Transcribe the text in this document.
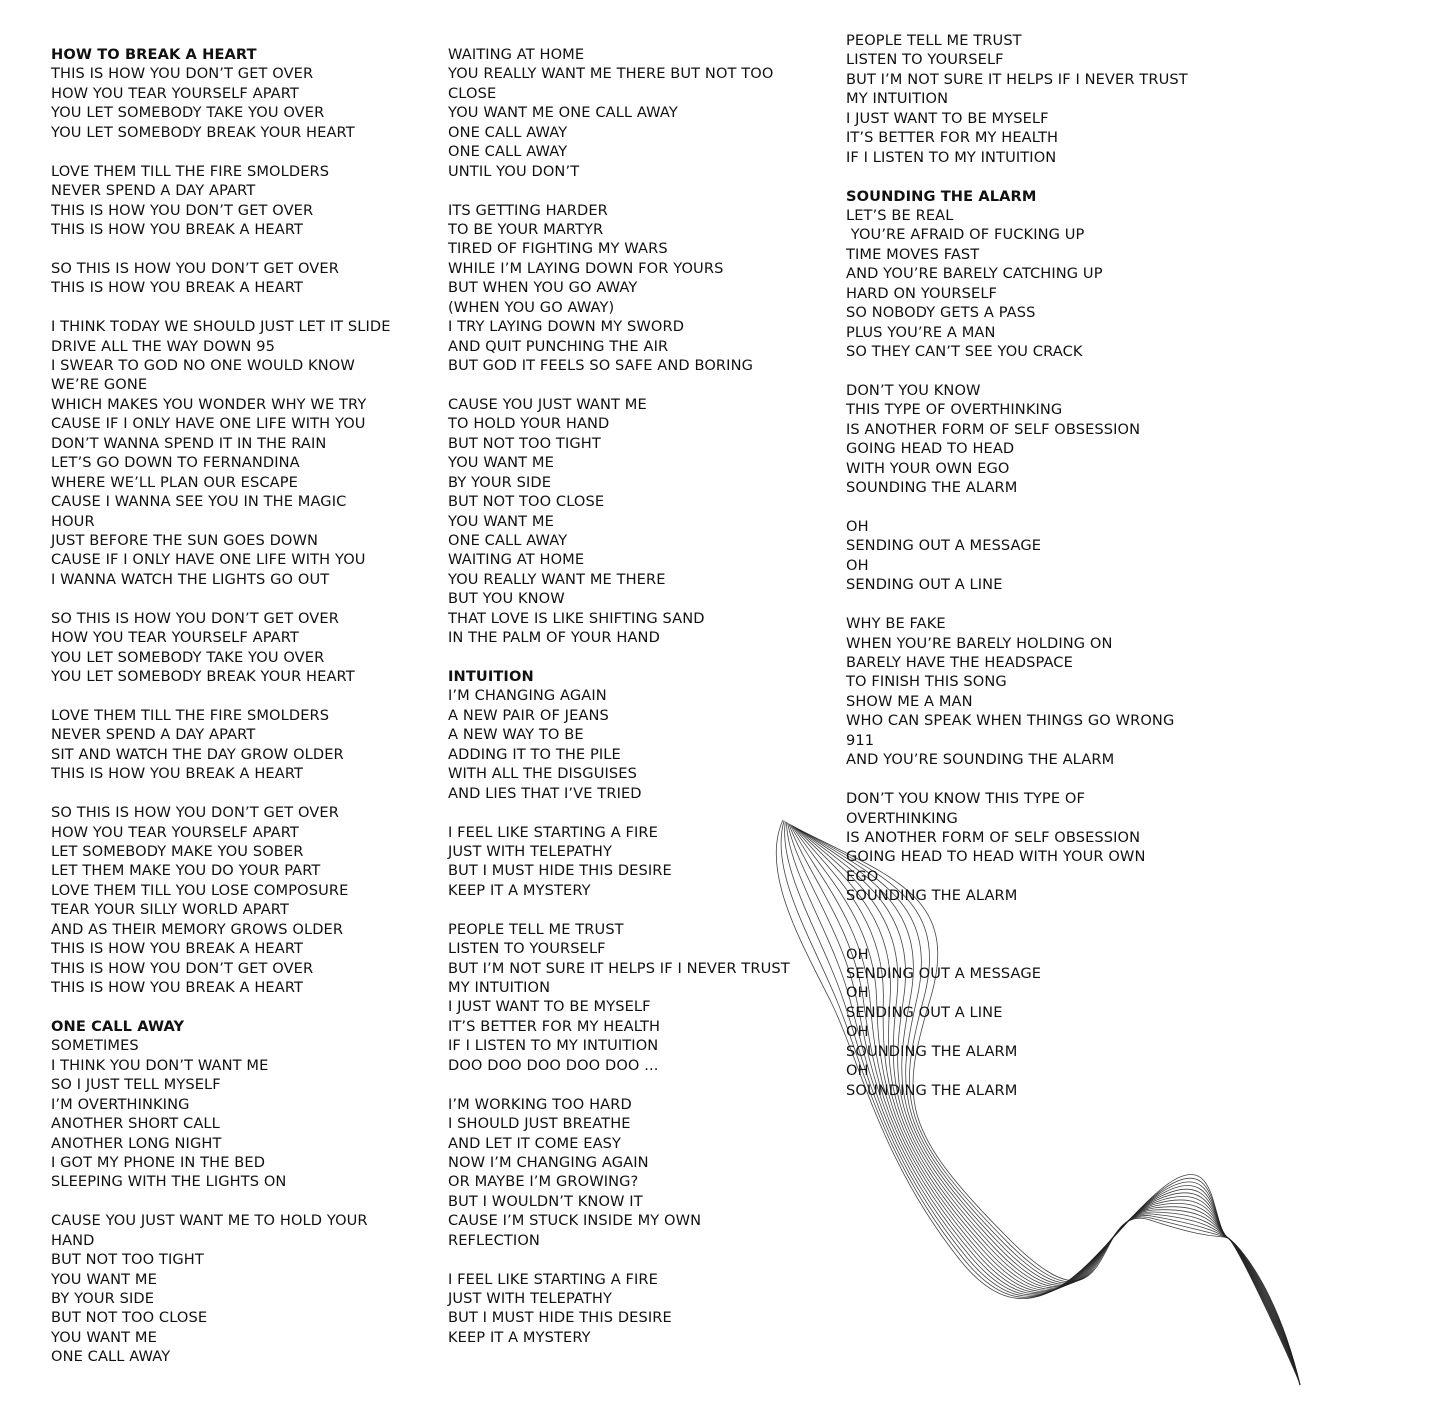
HOW TO BREAK A HEART
THIS IS HOW YOU DON’T GET OVER
HOW YOU TEAR YOURSELF APART
YOU LET SOMEBODY TAKE YOU OVER
YOU LET SOMEBODY BREAK YOUR HEART
LOVE THEM TILL THE FIRE SMOLDERS
NEVER SPEND A DAY APART
THIS IS HOW YOU DON’T GET OVER
THIS IS HOW YOU BREAK A HEART
SO THIS IS HOW YOU DON’T GET OVER
THIS IS HOW YOU BREAK A HEART
I THINK TODAY WE SHOULD JUST LET IT SLIDE
DRIVE ALL THE WAY DOWN 95
I SWEAR TO GOD NO ONE WOULD KNOW
WE’RE GONE
WHICH MAKES YOU WONDER WHY WE TRY
CAUSE IF I ONLY HAVE ONE LIFE WITH YOU
DON’T WANNA SPEND IT IN THE RAIN
LET’S GO DOWN TO FERNANDINA
WHERE WE’LL PLAN OUR ESCAPE
CAUSE I WANNA SEE YOU IN THE MAGIC
HOUR
JUST BEFORE THE SUN GOES DOWN
CAUSE IF I ONLY HAVE ONE LIFE WITH YOU
I WANNA WATCH THE LIGHTS GO OUT
SO THIS IS HOW YOU DON’T GET OVER
HOW YOU TEAR YOURSELF APART
YOU LET SOMEBODY TAKE YOU OVER
YOU LET SOMEBODY BREAK YOUR HEART
LOVE THEM TILL THE FIRE SMOLDERS
NEVER SPEND A DAY APART
SIT AND WATCH THE DAY GROW OLDER
THIS IS HOW YOU BREAK A HEART
SO THIS IS HOW YOU DON’T GET OVER
HOW YOU TEAR YOURSELF APART
LET SOMEBODY MAKE YOU SOBER
LET THEM MAKE YOU DO YOUR PART
LOVE THEM TILL YOU LOSE COMPOSURE
TEAR YOUR SILLY WORLD APART
AND AS THEIR MEMORY GROWS OLDER
THIS IS HOW YOU BREAK A HEART
THIS IS HOW YOU DON’T GET OVER
THIS IS HOW YOU BREAK A HEART
ONE CALL AWAY
SOMETIMES
I THINK YOU DON’T WANT ME
SO I JUST TELL MYSELF
I’M OVERTHINKING
ANOTHER SHORT CALL
ANOTHER LONG NIGHT
I GOT MY PHONE IN THE BED
SLEEPING WITH THE LIGHTS ON
CAUSE YOU JUST WANT ME TO HOLD YOUR
HAND
BUT NOT TOO TIGHT
YOU WANT ME
BY YOUR SIDE
BUT NOT TOO CLOSE
YOU WANT ME
ONE CALL AWAY
WAITING AT HOME
YOU REALLY WANT ME THERE BUT NOT TOO
CLOSE
YOU WANT ME ONE CALL AWAY
ONE CALL AWAY
ONE CALL AWAY
UNTIL YOU DON’T
ITS GETTING HARDER
TO BE YOUR MARTYR
TIRED OF FIGHTING MY WARS
WHILE I’M LAYING DOWN FOR YOURS
BUT WHEN YOU GO AWAY
(WHEN YOU GO AWAY)
I TRY LAYING DOWN MY SWORD
AND QUIT PUNCHING THE AIR
BUT GOD IT FEELS SO SAFE AND BORING
CAUSE YOU JUST WANT ME
TO HOLD YOUR HAND
BUT NOT TOO TIGHT
YOU WANT ME
BY YOUR SIDE
BUT NOT TOO CLOSE
YOU WANT ME
ONE CALL AWAY
WAITING AT HOME
YOU REALLY WANT ME THERE
BUT YOU KNOW
THAT LOVE IS LIKE SHIFTING SAND
IN THE PALM OF YOUR HAND
INTUITION
I’M CHANGING AGAIN
A NEW PAIR OF JEANS
A NEW WAY TO BE
ADDING IT TO THE PILE
WITH ALL THE DISGUISES
AND LIES THAT I’VE TRIED
I FEEL LIKE STARTING A FIRE
JUST WITH TELEPATHY
BUT I MUST HIDE THIS DESIRE
KEEP IT A MYSTERY
PEOPLE TELL ME TRUST
LISTEN TO YOURSELF
BUT I’M NOT SURE IT HELPS IF I NEVER TRUST
MY INTUITION
I JUST WANT TO BE MYSELF
IT’S BETTER FOR MY HEALTH
IF I LISTEN TO MY INTUITION
DOO DOO DOO DOO DOO ...
I’M WORKING TOO HARD
I SHOULD JUST BREATHE
AND LET IT COME EASY
NOW I’M CHANGING AGAIN
OR MAYBE I’M GROWING?
BUT I WOULDN’T KNOW IT
CAUSE I’M STUCK INSIDE MY OWN
REFLECTION
I FEEL LIKE STARTING A FIRE
JUST WITH TELEPATHY
BUT I MUST HIDE THIS DESIRE
KEEP IT A MYSTERY
PEOPLE TELL ME TRUST
LISTEN TO YOURSELF
BUT I’M NOT SURE IT HELPS IF I NEVER TRUST
MY INTUITION
I JUST WANT TO BE MYSELF
IT’S BETTER FOR MY HEALTH
IF I LISTEN TO MY INTUITION
SOUNDING THE ALARM
LET’S BE REAL
YOU’RE AFRAID OF FUCKING UP
TIME MOVES FAST
AND YOU’RE BARELY CATCHING UP
HARD ON YOURSELF
SO NOBODY GETS A PASS
PLUS YOU’RE A MAN
SO THEY CAN’T SEE YOU CRACK
DON’T YOU KNOW
THIS TYPE OF OVERTHINKING
IS ANOTHER FORM OF SELF OBSESSION
GOING HEAD TO HEAD
WITH YOUR OWN EGO
SOUNDING THE ALARM
OH
SENDING OUT A MESSAGE
OH
SENDING OUT A LINE
WHY BE FAKE
WHEN YOU’RE BARELY HOLDING ON
BARELY HAVE THE HEADSPACE
TO FINISH THIS SONG
SHOW ME A MAN
WHO CAN SPEAK WHEN THINGS GO WRONG
911
AND YOU’RE SOUNDING THE ALARM
DON’T YOU KNOW THIS TYPE OF
OVERTHINKING
IS ANOTHER FORM OF SELF OBSESSION
GOING HEAD TO HEAD WITH YOUR OWN
EGO
SOUNDING THE ALARM
OH
SENDING OUT A MESSAGE
OH
SENDING OUT A LINE
OH
SOUNDING THE ALARM
OH
SOUNDING THE ALARM
